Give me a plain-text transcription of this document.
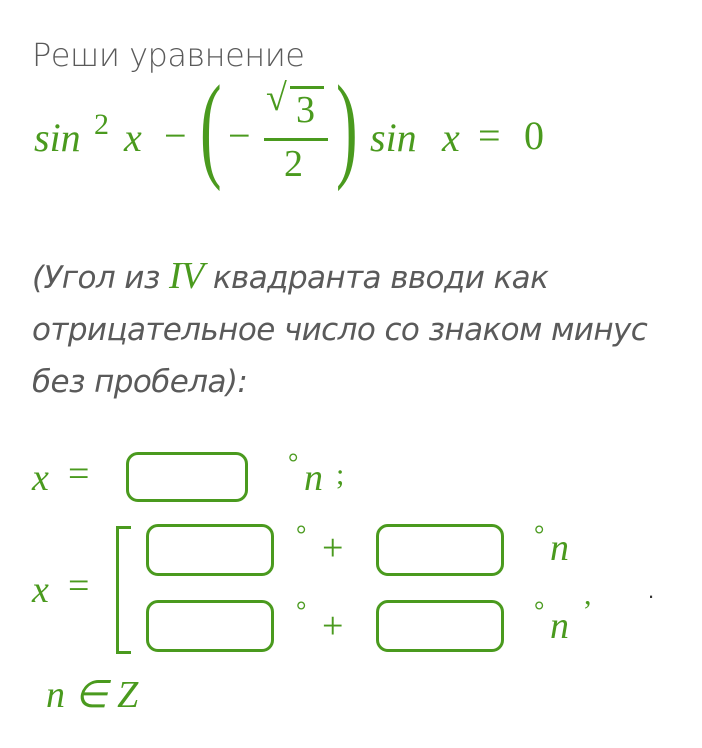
Реши уравнение
sin 2 x − ( −
√ 3
2 ) sin x = 0
(Угол из IV квадранта вводи как отрицательное число со знаком минус без пробела):
x =	° n ;
x =
° +	° n
° +	° n
,	.
n ∈ Z
